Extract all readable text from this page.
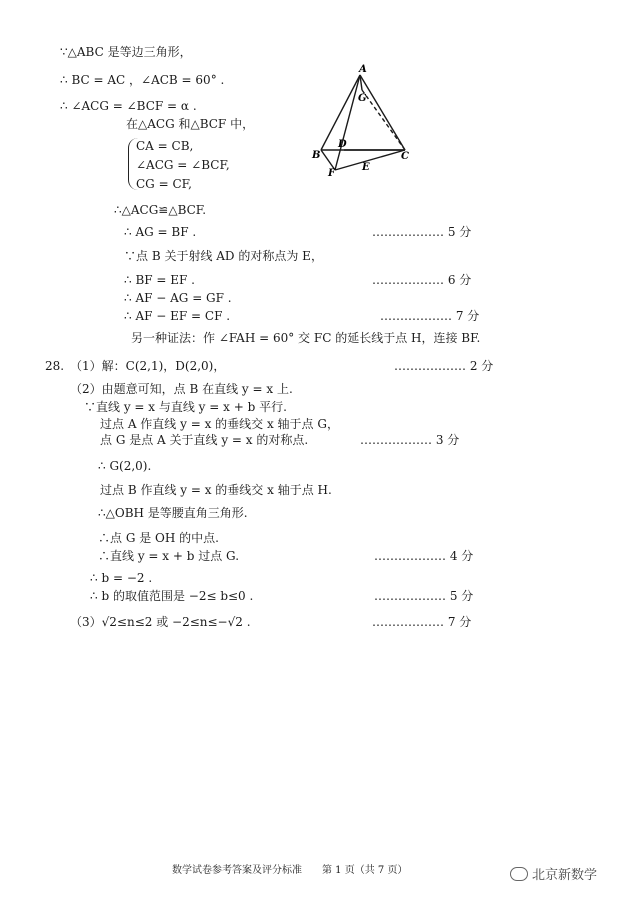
∵△ABC 是等边三角形，
∴ BC = AC ，∠ACB = 60° .
∴ ∠ACG = ∠BCF = α .
在△ACG 和△BCF 中，
CA = CB,
∠ACG = ∠BCF,
CG = CF,
∴△ACG≌△BCF.
∴ AG = BF .
∵点 B 关于射线 AD 的对称点为 E，
∴ BF = EF .
∴ AF − AG = GF .
∴ AF − EF = CF .
另一种证法：作 ∠FAH = 60° 交 FC 的延长线于点 H，连接 BF.
28. （1）解：C(2,1)，D(2,0)，
（2）由题意可知，点 B 在直线 y = x 上.
∵直线 y = x 与直线 y = x + b 平行.
过点 A 作直线 y = x 的垂线交 x 轴于点 G，
点 G 是点 A 关于直线 y = x 的对称点.
∴ G(2,0).
过点 B 作直线 y = x 的垂线交 x 轴于点 H.
∴△OBH 是等腰直角三角形.
∴点 G 是 OH 的中点.
∴直线 y = x + b 过点 G.
∴ b = −2 .
∴ b 的取值范围是 −2≤ b≤0 .
（3）√2≤n≤2 或 −2≤n≤−√2 .
……………… 5 分
……………… 6 分
……………… 7 分
……………… 2 分
……………… 3 分
……………… 4 分
……………… 5 分
……………… 7 分
A
G
D
B
F
E
C
数学试卷参考答案及评分标准 第 1 页（共 7 页）	北京新数学
